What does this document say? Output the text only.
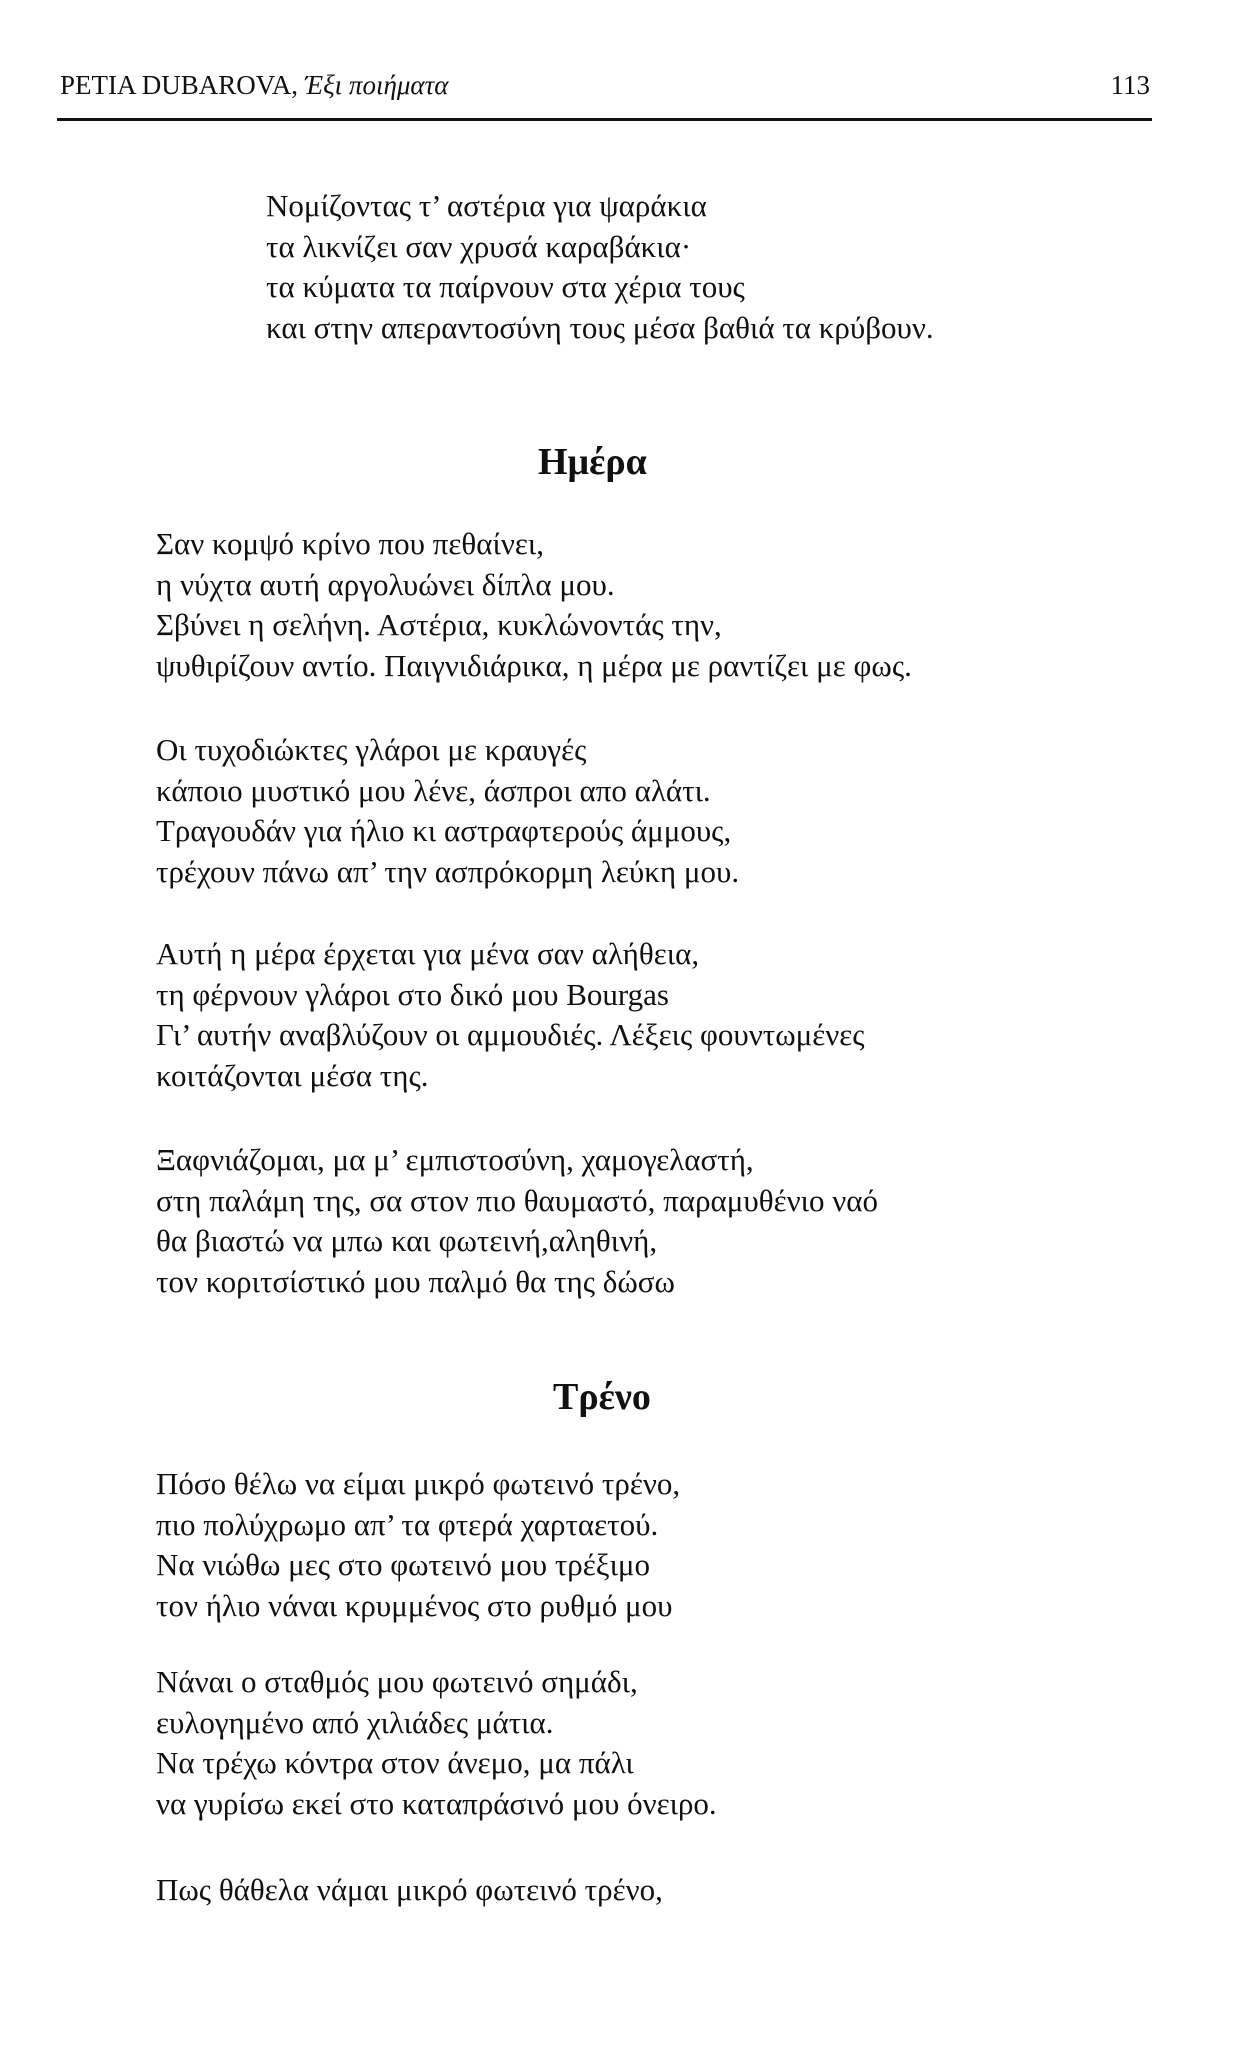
PETIA DUBAROVA, Έξι ποιήματα	113
Νομίζοντας τ’ αστέρια για ψαράκια
τα λικνίζει σαν χρυσά καραβάκια·
τα κύματα τα παίρνουν στα χέρια τους
και στην απεραντοσύνη τους μέσα βαθιά τα κρύβουν.
Ημέρα
Σαν κομψό κρίνο που πεθαίνει,
η νύχτα αυτή αργολυώνει δίπλα μου.
Σβύνει η σελήνη. Αστέρια, κυκλώνοντάς την,
ψυθιρίζουν αντίο. Παιγνιδιάρικα, η μέρα με ραντίζει με φως.
Οι τυχοδιώκτες γλάροι με κραυγές
κάποιο μυστικό μου λένε, άσπροι απο αλάτι.
Τραγουδάν για ήλιο κι αστραφτερούς άμμους,
τρέχουν πάνω απ’ την ασπρόκορμη λεύκη μου.
Αυτή η μέρα έρχεται για μένα σαν αλήθεια,
τη φέρνουν γλάροι στο δικό μου Bourgas
Γι’ αυτήν αναβλύζουν οι αμμουδιές. Λέξεις φουντωμένες
κοιτάζονται μέσα της.
Ξαφνιάζομαι, μα μ’ εμπιστοσύνη, χαμογελαστή,
στη παλάμη της, σα στον πιο θαυμαστό, παραμυθένιο ναό
θα βιαστώ να μπω και φωτεινή,αληθινή,
τον κοριτσίστικό μου παλμό θα της δώσω
Τρένο
Πόσο θέλω να είμαι μικρό φωτεινό τρένο,
πιο πολύχρωμο απ’ τα φτερά χαρταετού.
Να νιώθω μες στο φωτεινό μου τρέξιμο
τον ήλιο νάναι κρυμμένος στο ρυθμό μου
Νάναι ο σταθμός μου φωτεινό σημάδι,
ευλογημένο από χιλιάδες μάτια.
Να τρέχω κόντρα στον άνεμο, μα πάλι
να γυρίσω εκεί στο καταπράσινό μου όνειρο.
Πως θάθελα νάμαι μικρό φωτεινό τρένο,
